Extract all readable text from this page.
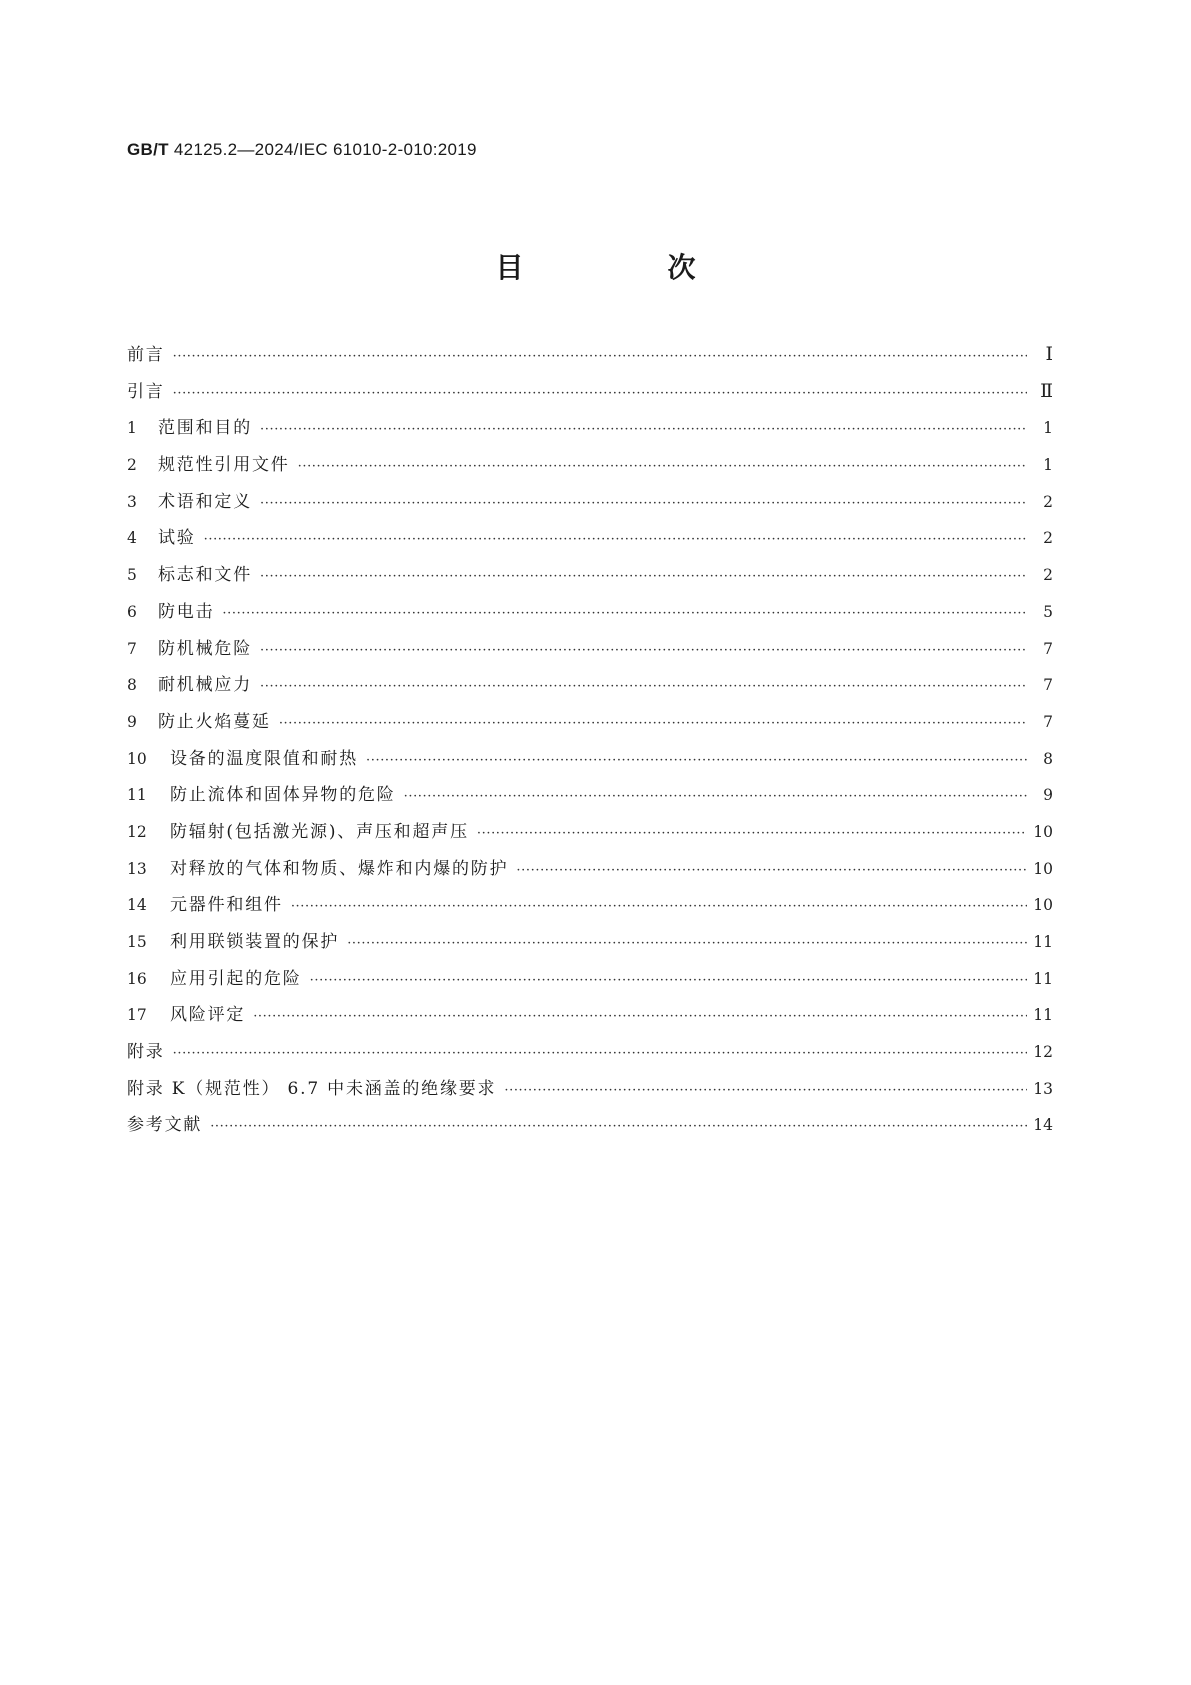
GB/T 42125.2—2024/IEC 61010-2-010:2019
目　次
前言 ·····	Ⅰ
引言 ·····	Ⅱ
1	范围和目的 ·····	1
2	规范性引用文件 ·····	1
3	术语和定义 ·····	2
4	试验 ·····	2
5	标志和文件 ·····	2
6	防电击 ·····	5
7	防机械危险 ·····	7
8	耐机械应力 ·····	7
9	防止火焰蔓延 ·····	7
10	设备的温度限值和耐热 ·····	8
11	防止流体和固体异物的危险 ·····	9
12	防辐射(包括激光源)、声压和超声压 ·····	10
13	对释放的气体和物质、爆炸和内爆的防护 ·····	10
14	元器件和组件 ·····	10
15	利用联锁装置的保护 ·····	11
16	应用引起的危险 ·····	11
17	风险评定 ·····	11
附录 ·····	12
附录 K（规范性） 6.7 中未涵盖的绝缘要求 ·····	13
参考文献 ·····	14
